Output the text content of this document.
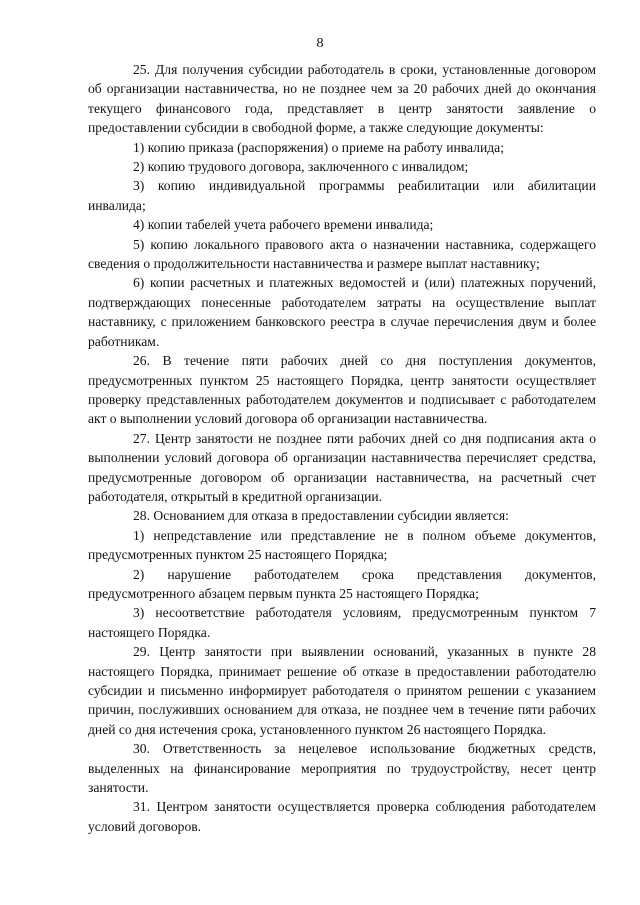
8

25. Для получения субсидии работодатель в сроки, установленные договором об организации наставничества, но не позднее чем за 20 рабочих дней до окончания текущего финансового года, представляет в центр занятости заявление о предоставлении субсидии в свободной форме, а также следующие документы:

1) копию приказа (распоряжения) о приеме на работу инвалида;

2) копию трудового договора, заключенного с инвалидом;

3) копию индивидуальной программы реабилитации или абилитации инвалида;

4) копии табелей учета рабочего времени инвалида;

5) копию локального правового акта о назначении наставника, содержащего сведения о продолжительности наставничества и размере выплат наставнику;

6) копии расчетных и платежных ведомостей и (или) платежных поручений, подтверждающих понесенные работодателем затраты на осуществление выплат наставнику, с приложением банковского реестра в случае перечисления двум и более работникам.

26. В течение пяти рабочих дней со дня поступления документов, предусмотренных пунктом 25 настоящего Порядка, центр занятости осуществляет проверку представленных работодателем документов и подписывает с работодателем акт о выполнении условий договора об организации наставничества.

27. Центр занятости не позднее пяти рабочих дней со дня подписания акта о выполнении условий договора об организации наставничества перечисляет средства, предусмотренные договором об организации наставничества, на расчетный счет работодателя, открытый в кредитной организации.

28. Основанием для отказа в предоставлении субсидии является:

1) непредставление или представление не в полном объеме документов, предусмотренных пунктом 25 настоящего Порядка;

2) нарушение работодателем срока представления документов, предусмотренного абзацем первым пункта 25 настоящего Порядка;

3) несоответствие работодателя условиям, предусмотренным пунктом 7 настоящего Порядка.

29. Центр занятости при выявлении оснований, указанных в пункте 28 настоящего Порядка, принимает решение об отказе в предоставлении работодателю субсидии и письменно информирует работодателя о принятом решении с указанием причин, послуживших основанием для отказа, не позднее чем в течение пяти рабочих дней со дня истечения срока, установленного пунктом 26 настоящего Порядка.

30. Ответственность за нецелевое использование бюджетных средств, выделенных на финансирование мероприятия по трудоустройству, несет центр занятости.

31. Центром занятости осуществляется проверка соблюдения работодателем условий договоров.
